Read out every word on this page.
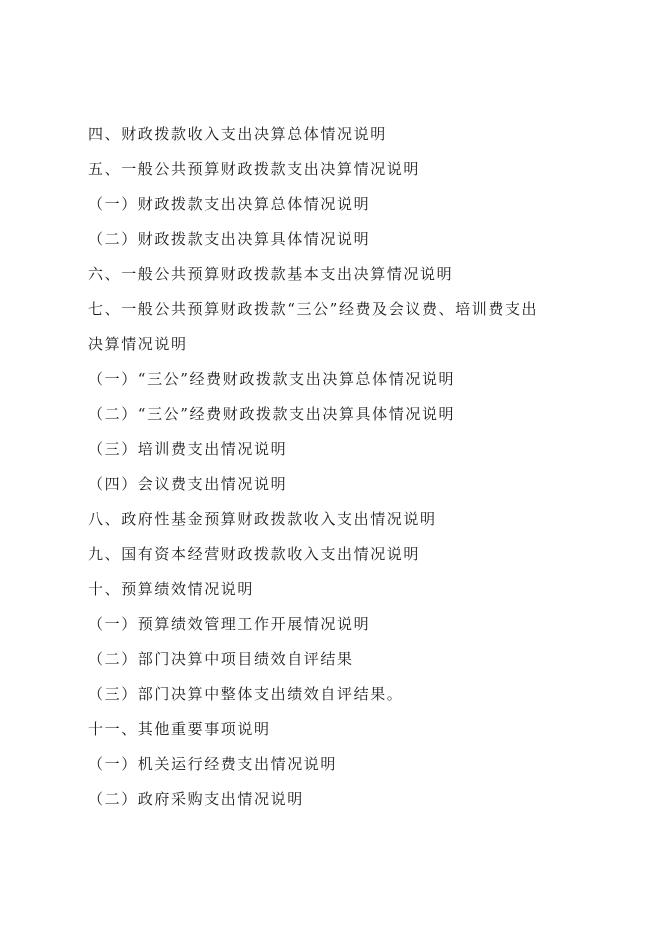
四、财政拨款收入支出决算总体情况说明
五、一般公共预算财政拨款支出决算情况说明
（一）财政拨款支出决算总体情况说明
（二）财政拨款支出决算具体情况说明
六、一般公共预算财政拨款基本支出决算情况说明
七、一般公共预算财政拨款“三公”经费及会议费、培训费支出
决算情况说明
（一）“三公”经费财政拨款支出决算总体情况说明
（二）“三公”经费财政拨款支出决算具体情况说明
（三）培训费支出情况说明
（四）会议费支出情况说明
八、政府性基金预算财政拨款收入支出情况说明
九、国有资本经营财政拨款收入支出情况说明
十、预算绩效情况说明
（一）预算绩效管理工作开展情况说明
（二）部门决算中项目绩效自评结果
（三）部门决算中整体支出绩效自评结果。
十一、其他重要事项说明
（一）机关运行经费支出情况说明
（二）政府采购支出情况说明
